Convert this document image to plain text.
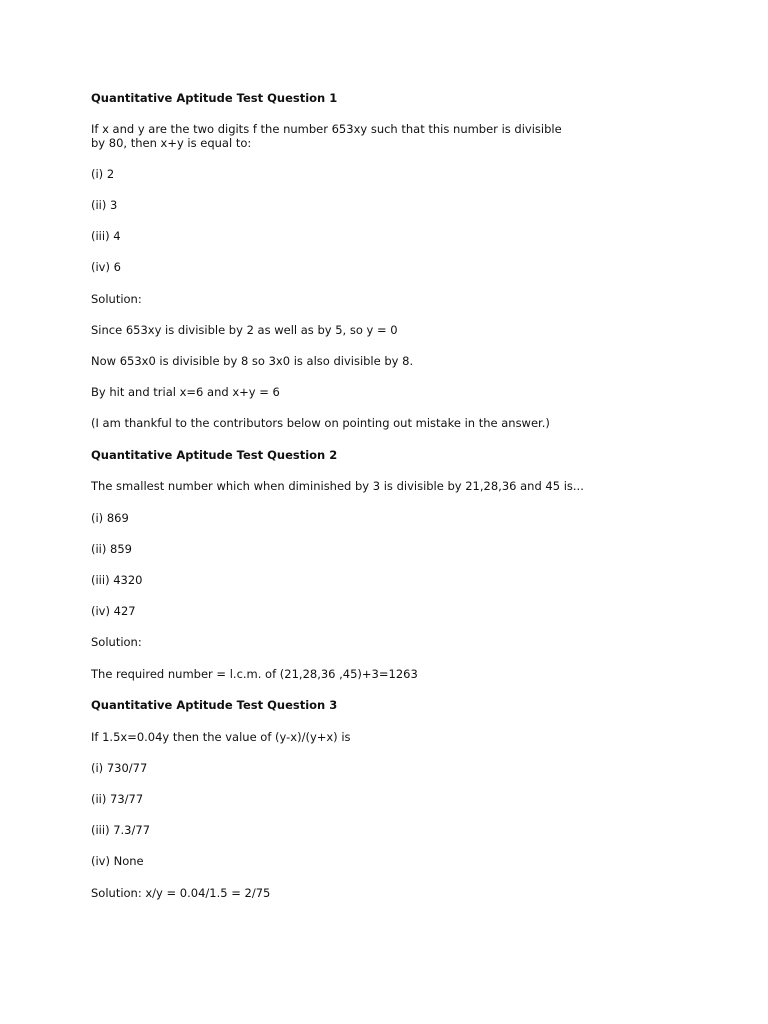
Quantitative Aptitude Test Question 1

If x and y are the two digits f the number 653xy such that this number is divisible by 80, then x+y is equal to:

(i) 2

(ii) 3

(iii) 4

(iv) 6

Solution:

Since 653xy is divisible by 2 as well as by 5, so y = 0

Now 653x0 is divisible by 8 so 3x0 is also divisible by 8.

By hit and trial x=6 and x+y = 6

(I am thankful to the contributors below on pointing out mistake in the answer.)

Quantitative Aptitude Test Question 2

The smallest number which when diminished by 3 is divisible by 21,28,36 and 45 is...

(i) 869

(ii) 859

(iii) 4320

(iv) 427

Solution:

The required number = l.c.m. of (21,28,36 ,45)+3=1263

Quantitative Aptitude Test Question 3

If 1.5x=0.04y then the value of (y-x)/(y+x) is

(i) 730/77

(ii) 73/77

(iii) 7.3/77

(iv) None

Solution: x/y = 0.04/1.5 = 2/75
